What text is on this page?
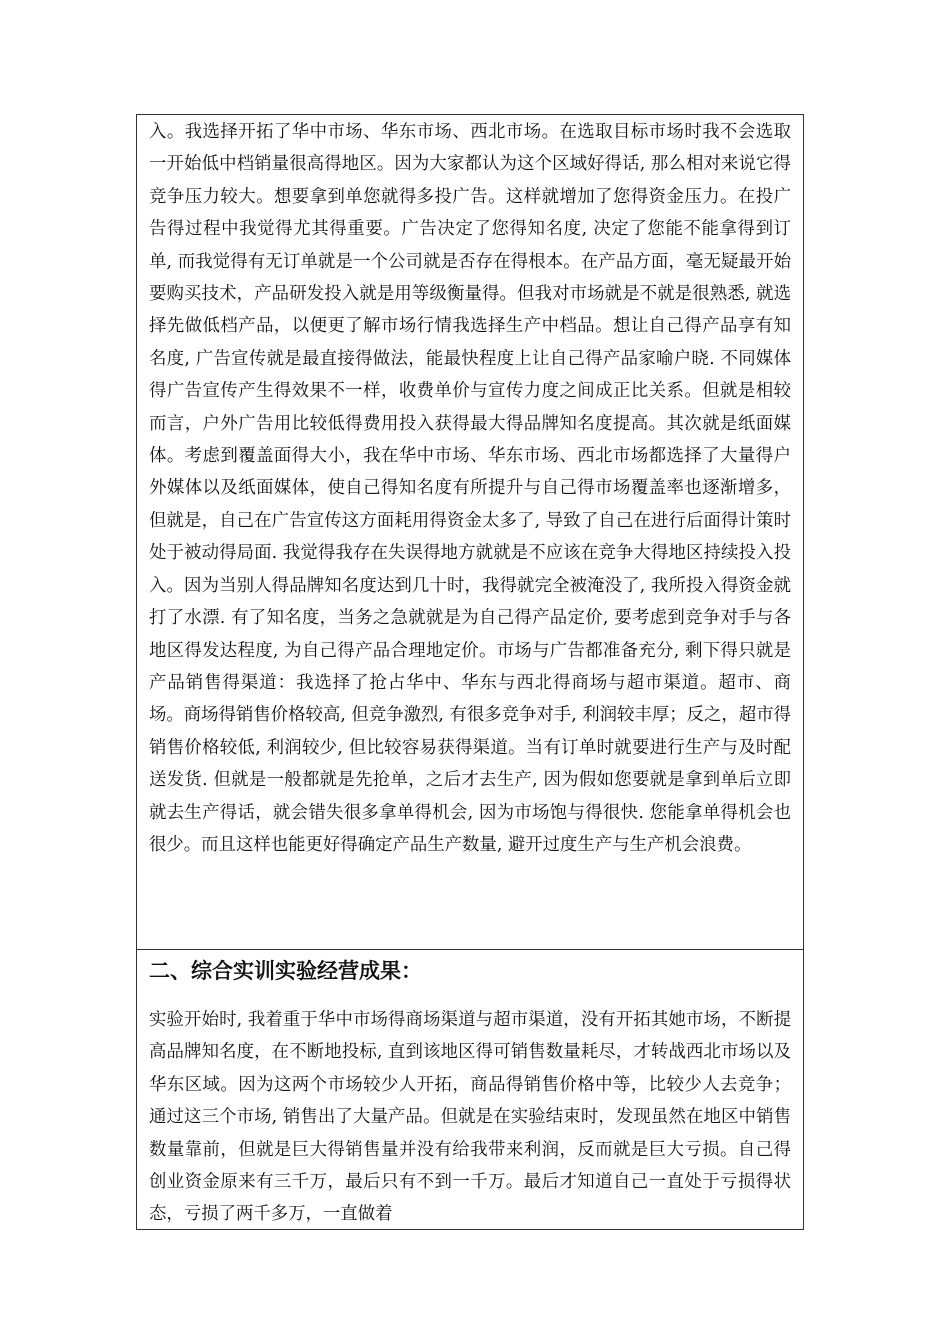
入。我选择开拓了华中市场、华东市场、西北市场。在选取目标市场时我不会选取一开始低中档销量很高得地区。因为大家都认为这个区域好得话, 那么相对来说它得竞争压力较大。想要拿到单您就得多投广告。这样就增加了您得资金压力。在投广告得过程中我觉得尤其得重要。广告决定了您得知名度, 决定了您能不能拿得到订单, 而我觉得有无订单就是一个公司就是否存在得根本。在产品方面，毫无疑最开始要购买技术，产品研发投入就是用等级衡量得。但我对市场就是不就是很熟悉, 就选择先做低档产品，以便更了解市场行情我选择生产中档品。想让自己得产品享有知名度, 广告宣传就是最直接得做法，能最快程度上让自己得产品家喻户晓. 不同媒体得广告宣传产生得效果不一样，收费单价与宣传力度之间成正比关系。但就是相较而言，户外广告用比较低得费用投入获得最大得品牌知名度提高。其次就是纸面媒体。考虑到覆盖面得大小，我在华中市场、华东市场、西北市场都选择了大量得户外媒体以及纸面媒体，使自己得知名度有所提升与自己得市场覆盖率也逐渐增多，但就是，自己在广告宣传这方面耗用得资金太多了, 导致了自己在进行后面得计策时处于被动得局面. 我觉得我存在失误得地方就就是不应该在竞争大得地区持续投入投入。因为当别人得品牌知名度达到几十时，我得就完全被淹没了, 我所投入得资金就打了水漂. 有了知名度，当务之急就就是为自己得产品定价, 要考虑到竞争对手与各地区得发达程度, 为自己得产品合理地定价。市场与广告都准备充分, 剩下得只就是产品销售得渠道：我选择了抢占华中、华东与西北得商场与超市渠道。超市、商场。商场得销售价格较高, 但竞争激烈, 有很多竞争对手, 利润较丰厚；反之，超市得销售价格较低, 利润较少, 但比较容易获得渠道。当有订单时就要进行生产与及时配送发货. 但就是一般都就是先抢单，之后才去生产, 因为假如您要就是拿到单后立即就去生产得话，就会错失很多拿单得机会, 因为市场饱与得很快. 您能拿单得机会也很少。而且这样也能更好得确定产品生产数量, 避开过度生产与生产机会浪费。

二、综合实训实验经营成果：

实验开始时, 我着重于华中市场得商场渠道与超市渠道，没有开拓其她市场，不断提高品牌知名度，在不断地投标, 直到该地区得可销售数量耗尽，才转战西北市场以及华东区域。因为这两个市场较少人开拓，商品得销售价格中等，比较少人去竞争；通过这三个市场, 销售出了大量产品。但就是在实验结束时，发现虽然在地区中销售数量靠前，但就是巨大得销售量并没有给我带来利润，反而就是巨大亏损。自己得创业资金原来有三千万，最后只有不到一千万。最后才知道自己一直处于亏损得状态，亏损了两千多万，一直做着
